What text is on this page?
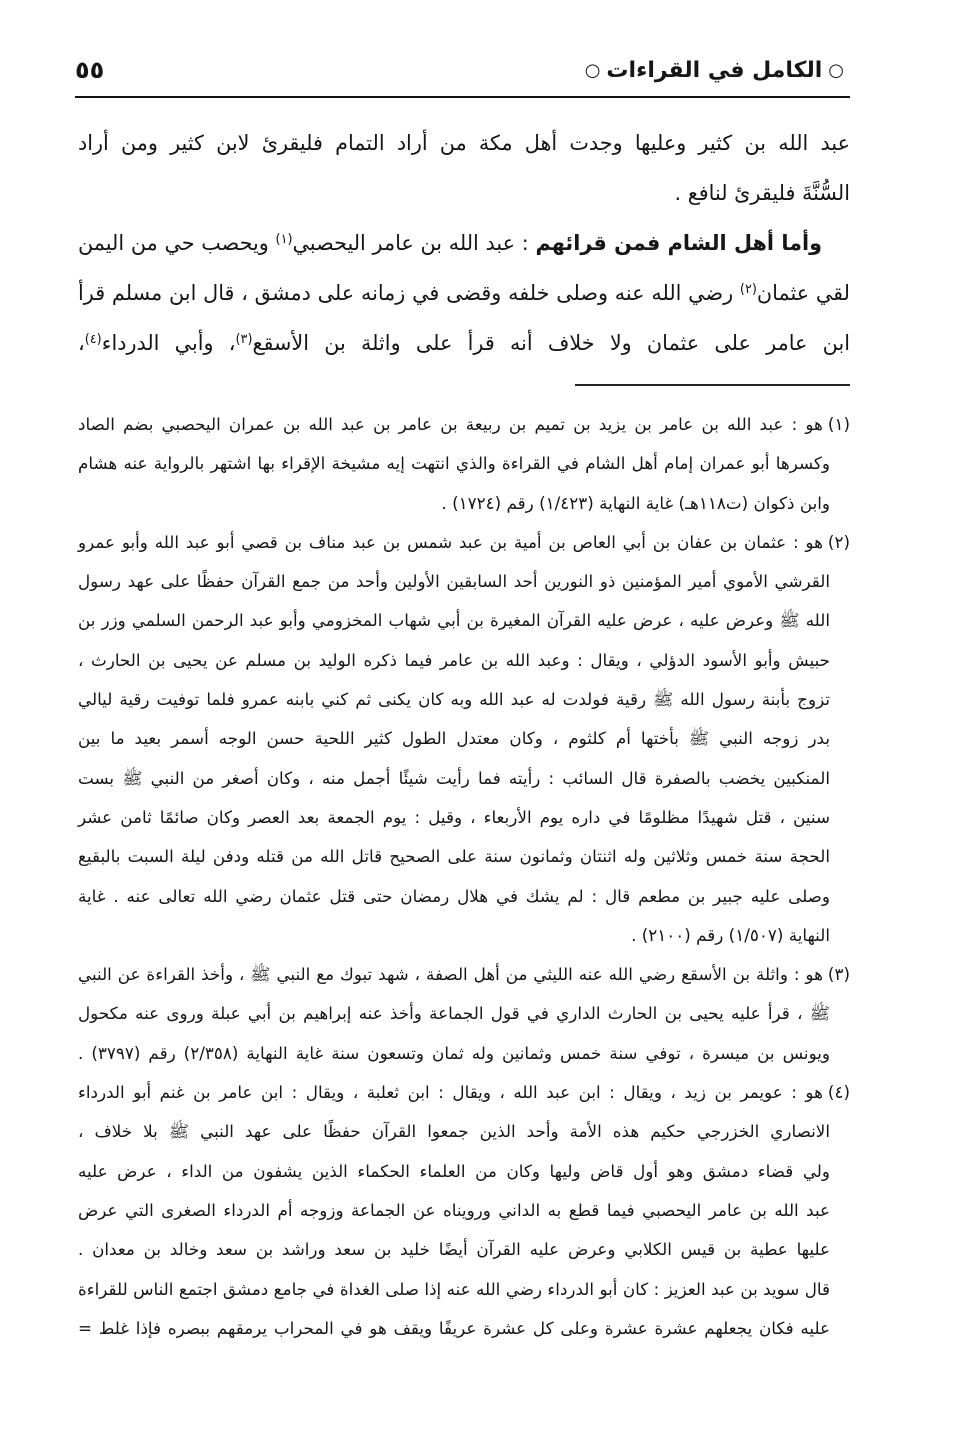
○
الكامل في القراءات
○
٥٥
عبد الله بن كثير وعليها وجدت أهل مكة من أراد التمام فليقرئ لابن كثير ومن أراد
السُّنَّةَ فليقرئ لنافع .
وأما أهل الشام فمن قرائهم : عبد الله بن عامر اليحصبي$^{(١)}$ ويحصب حي من اليمن
لقي عثمان$^{(٢)}$ رضي الله عنه وصلى خلفه وقضى في زمانه على دمشق ، قال ابن مسلم قرأ
ابن عامر على عثمان ولا خلاف أنه قرأ على واثلة بن الأسقع$^{(٣)}$، وأبي الدرداء$^{(٤)}$،
(١)هو : عبد الله بن عامر بن يزيد بن تميم بن ربيعة بن عامر بن عبد الله بن عمران اليحصبي بضم الصاد
وكسرها أبو عمران إمام أهل الشام في القراءة والذي انتهت إيه مشيخة الإقراء بها اشتهر بالرواية عنه هشام
وابن ذكوان (ت١١٨هـ) غاية النهاية (١/٤٢٣) رقم (١٧٢٤) .
(٢)هو : عثمان بن عفان بن أبي العاص بن أمية بن عبد شمس بن عبد مناف بن قصي أبو عبد الله وأبو عمرو
القرشي الأموي أمير المؤمنين ذو النورين أحد السابقين الأولين وأحد من جمع القرآن حفظًا على عهد رسول
الله ﷺ وعرض عليه ، عرض عليه القرآن المغيرة بن أبي شهاب المخزومي وأبو عبد الرحمن السلمي وزر بن
حبيش وأبو الأسود الدؤلي ، ويقال : وعبد الله بن عامر فيما ذكره الوليد بن مسلم عن يحيى بن الحارث ،
تزوج بأبنة رسول الله ﷺ رقية فولدت له عبد الله وبه كان يكنى ثم كني بابنه عمرو فلما توفيت رقية ليالي
بدر زوجه النبي ﷺ بأختها أم كلثوم ، وكان معتدل الطول كثير اللحية حسن الوجه أسمر بعيد ما بين
المنكبين يخضب بالصفرة قال السائب : رأيته فما رأيت شيئًا أجمل منه ، وكان أصغر من النبي ﷺ بست
سنين ، قتل شهيدًا مظلومًا في داره يوم الأربعاء ، وقيل : يوم الجمعة بعد العصر وكان صائمًا ثامن عشر
الحجة سنة خمس وثلاثين وله اثنتان وثمانون سنة على الصحيح قاتل الله من قتله ودفن ليلة السبت بالبقيع
وصلى عليه جبير بن مطعم قال : لم يشك في هلال رمضان حتى قتل عثمان رضي الله تعالى عنه . غاية
النهاية (١/٥٠٧) رقم (٢١٠٠) .
(٣)هو : واثلة بن الأسقع رضي الله عنه الليثي من أهل الصفة ، شهد تبوك مع النبي ﷺ ، وأخذ القراءة عن النبي
ﷺ ، قرأ عليه يحيى بن الحارث الداري في قول الجماعة وأخذ عنه إبراهيم بن أبي عبلة وروى عنه مكحول
ويونس بن ميسرة ، توفي سنة خمس وثمانين وله ثمان وتسعون سنة غاية النهاية (٢/٣٥٨) رقم (٣٧٩٧) .
(٤)هو : عويمر بن زيد ، ويقال : ابن عبد الله ، ويقال : ابن ثعلبة ، ويقال : ابن عامر بن غنم أبو الدرداء
الانصاري الخزرجي حكيم هذه الأمة وأحد الذين جمعوا القرآن حفظًا على عهد النبي ﷺ بلا خلاف ،
ولي قضاء دمشق وهو أول قاض وليها وكان من العلماء الحكماء الذين يشفون من الداء ، عرض عليه
عبد الله بن عامر اليحصبي فيما قطع به الداني ورويناه عن الجماعة وزوجه أم الدرداء الصغرى التي عرض
عليها عطية بن قيس الكلابي وعرض عليه القرآن أيضًا خليد بن سعد وراشد بن سعد وخالد بن معدان .
قال سويد بن عبد العزيز : كان أبو الدرداء رضي الله عنه إذا صلى الغداة في جامع دمشق اجتمع الناس للقراءة
عليه فكان يجعلهم عشرة عشرة وعلى كل عشرة عريفًا ويقف هو في المحراب يرمقهم ببصره فإذا غلط =
